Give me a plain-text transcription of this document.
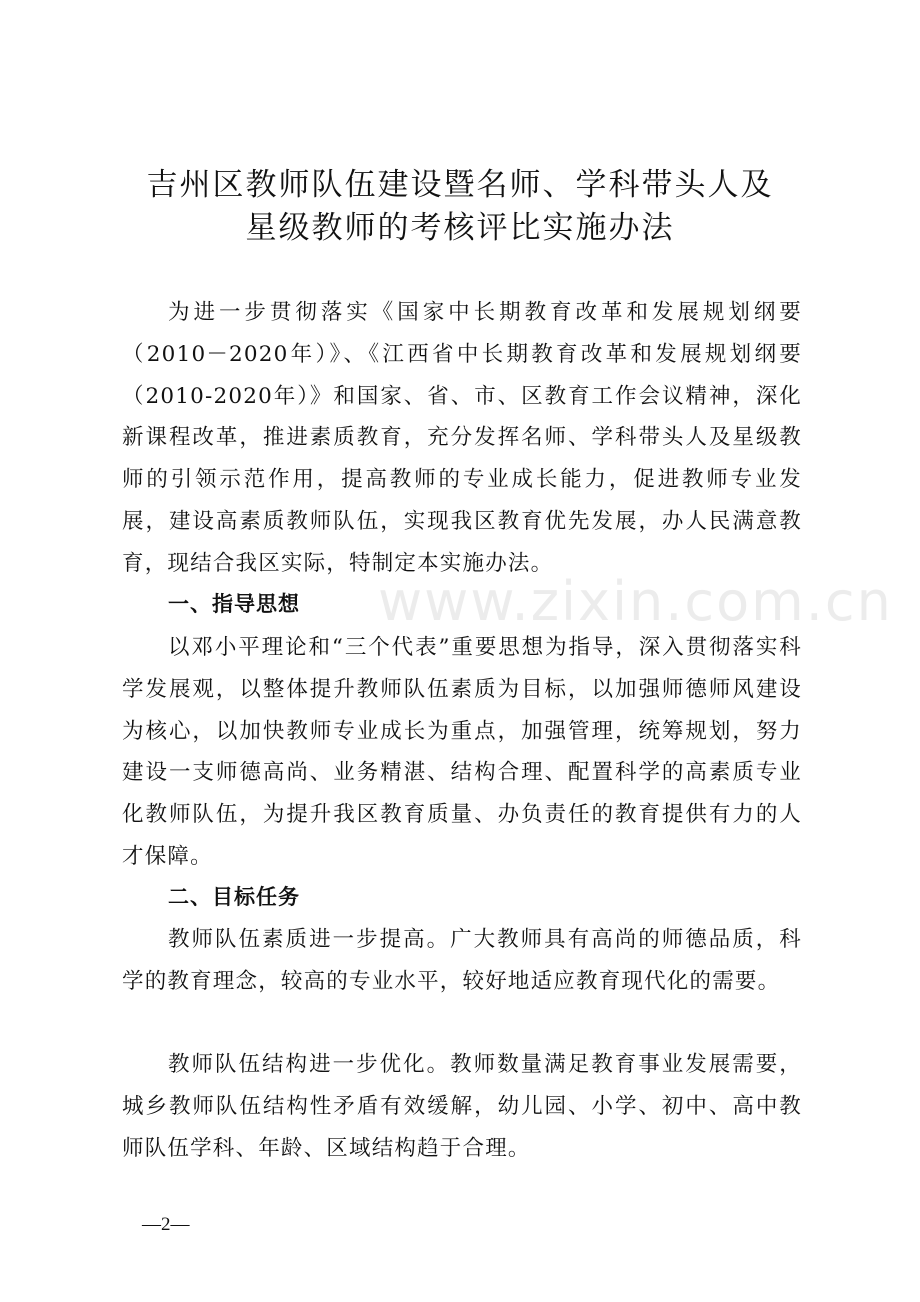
www.zixin.com.cn
吉州区教师队伍建设暨名师、学科带头人及
星级教师的考核评比实施办法

为进一步贯彻落实《国家中长期教育改革和发展规划纲要（2010－2020年）》、《江西省中长期教育改革和发展规划纲要（2010-2020年）》和国家、省、市、区教育工作会议精神，深化新课程改革，推进素质教育，充分发挥名师、学科带头人及星级教师的引领示范作用，提高教师的专业成长能力，促进教师专业发展，建设高素质教师队伍，实现我区教育优先发展，办人民满意教育，现结合我区实际，特制定本实施办法。

一、指导思想

以邓小平理论和“三个代表”重要思想为指导，深入贯彻落实科学发展观，以整体提升教师队伍素质为目标，以加强师德师风建设为核心，以加快教师专业成长为重点，加强管理，统筹规划，努力建设一支师德高尚、业务精湛、结构合理、配置科学的高素质专业化教师队伍，为提升我区教育质量、办负责任的教育提供有力的人才保障。

二、目标任务

教师队伍素质进一步提高。广大教师具有高尚的师德品质，科学的教育理念，较高的专业水平，较好地适应教育现代化的需要。

教师队伍结构进一步优化。教师数量满足教育事业发展需要，城乡教师队伍结构性矛盾有效缓解，幼儿园、小学、初中、高中教师队伍学科、年龄、区域结构趋于合理。

—2—
